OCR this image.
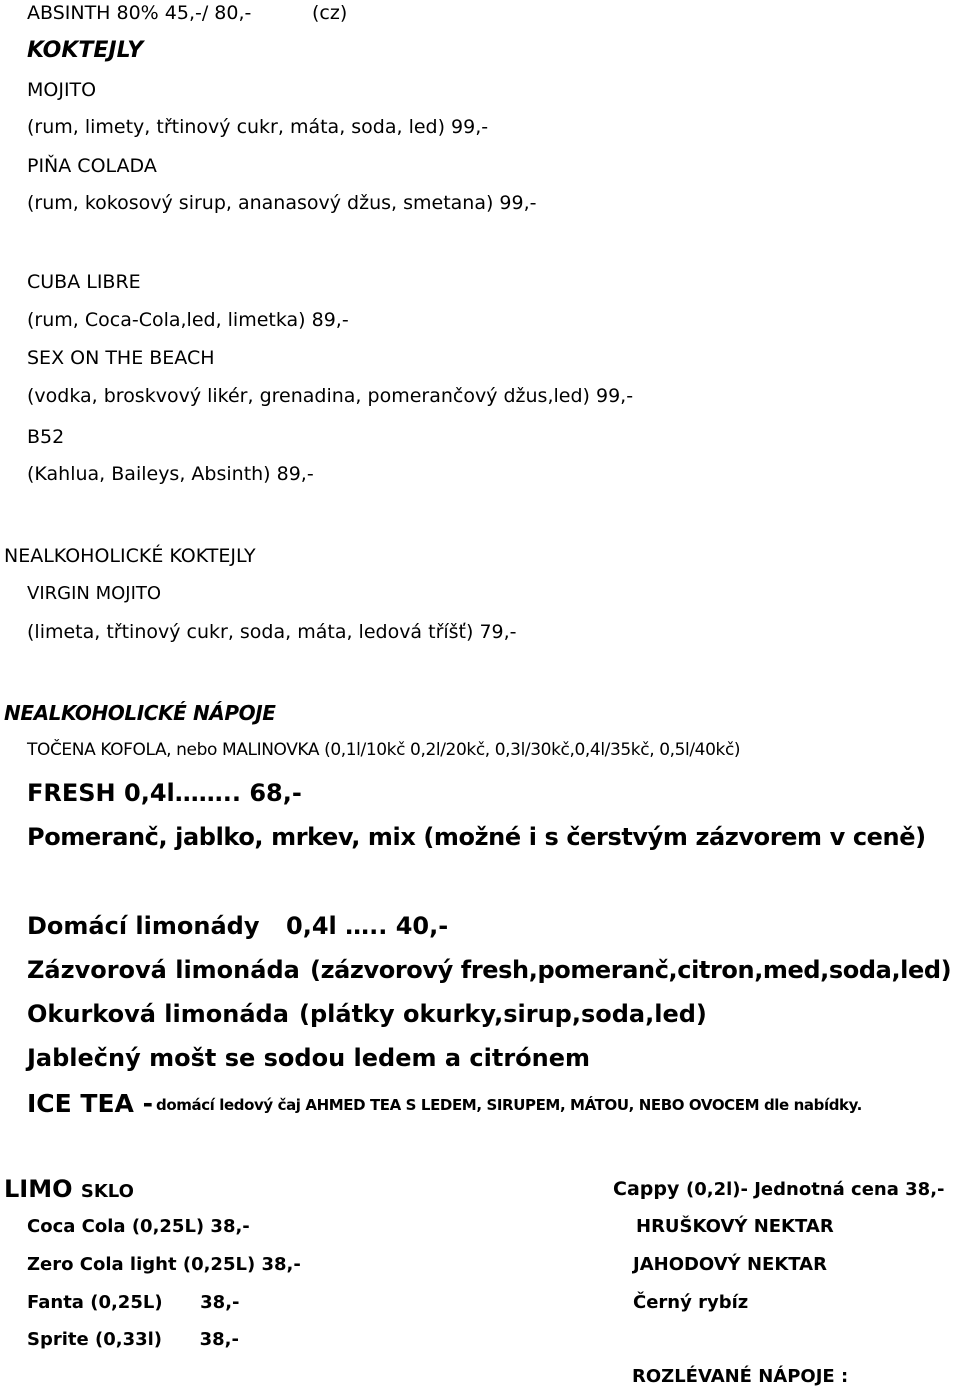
ABSINTH 80% 45,-/ 80,-	(cz)

KOKTEJLY

MOJITO

(rum, limety, třtinový cukr, máta, soda, led) 99,-

PIŇA COLADA

(rum, kokosový sirup, ananasový džus, smetana) 99,-

CUBA LIBRE

(rum, Coca-Cola,led, limetka) 89,-

SEX ON THE BEACH

(vodka, broskvový likér, grenadina, pomerančový džus,led) 99,-

B52

(Kahlua, Baileys, Absinth) 89,-

NEALKOHOLICKÉ KOKTEJLY

VIRGIN MOJITO

(limeta, třtinový cukr, soda, máta, ledová tříšť) 79,-

NEALKOHOLICKÉ NÁPOJE

TOČENA KOFOLA, nebo MALINOVKA (0,1l/10kč 0,2l/20kč, 0,3l/30kč,0,4l/35kč, 0,5l/40kč)

FRESH 0,4l…….. 68,-

Pomeranč, jablko, mrkev, mix (možné i s čerstvým zázvorem v ceně)

Domácí limonády 0,4l ….. 40,-

Zázvorová limonáda (zázvorový fresh,pomeranč,citron,med,soda,led)

Okurková limonáda (plátky okurky,sirup,soda,led)

Jablečný mošt se sodou ledem a citrónem

ICE TEA - domácí ledový čaj AHMED TEA S LEDEM, SIRUPEM, MÁTOU, NEBO OVOCEM dle nabídky.

LIMO SKLO

Coca Cola (0,25L) 38,-

Zero Cola light (0,25L) 38,-

Fanta (0,25L)      38,-

Sprite (0,33l)      38,-

Cappy (0,2l)- Jednotná cena 38,-

HRUŠKOVÝ NEKTAR

JAHODOVÝ NEKTAR

Černý rybíz

ROZLÉVANÉ NÁPOJE :
